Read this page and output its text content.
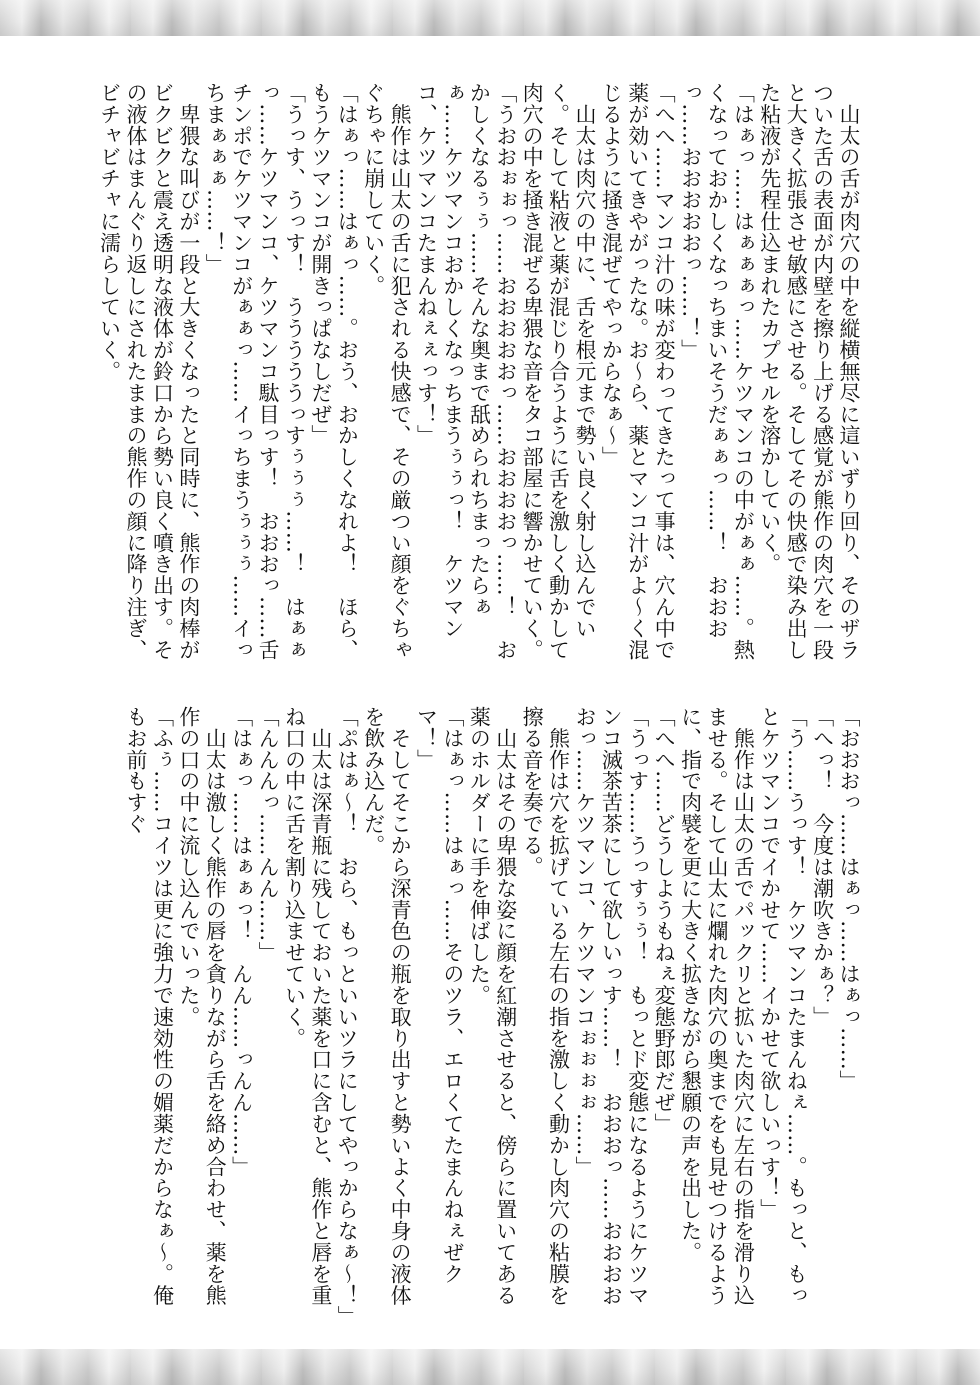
　山太の舌が肉穴の中を縦横無尽に這いずり回り、そのザラついた舌の表面が内壁を擦り上げる感覚が熊作の肉穴を一段と大きく拡張させ敏感にさせる。そしてその快感で染み出した粘液が先程仕込まれたカプセルを溶かしていく。

「はぁっ……はぁぁぁっ……ケツマンコの中がぁぁ……。熱くなっておかしくなっちまいそうだぁぁっ……！　おおおっ……おおおおおっ……！」

「へへ……マンコ汁の味が変わってきたって事は、穴ん中で薬が効いてきやがったな。お～ら、薬とマンコ汁がよ～く混じるように掻き混ぜてやっからなぁ～」

　山太は肉穴の中に、舌を根元まで勢い良く射し込んでいく。そして粘液と薬が混じり合うように舌を激しく動かして肉穴の中を掻き混ぜる卑猥な音をタコ部屋に響かせていく。

「うおおぉぉっ……おおおおおっ……おおおおっ……！　おかしくなるぅぅ……そんな奥まで舐められちまったらぁぁ……ケツマンコおかしくなっちまうぅぅっ！　ケツマンコ、ケツマンコたまんねぇぇっす！」

　熊作は山太の舌に犯される快感で、その厳つい顔をぐちゃぐちゃに崩していく。

「はぁっ……はぁっ……。おう、おかしくなれよ！　ほら、もうケツマンコが開きっぱなしだぜ」

「うっす、うっす！　うううううっすぅぅぅ……！　はぁぁっ……ケツマンコ、ケツマンコ駄目っす！　おおおっ……舌チンポでケツマンコがぁぁっ……イっちまうぅぅぅ……イっちまぁぁぁ……！」

　卑猥な叫びが一段と大きくなったと同時に、熊作の肉棒がビクビクと震え透明な液体が鈴口から勢い良く噴き出す。その液体はまんぐり返しにされたままの熊作の顔に降り注ぎ、ビチャビチャに濡らしていく。

「おおおっ……はぁっ……はぁっ……」

「へっ！　今度は潮吹きかぁ？」

「う……うっす！　ケツマンコたまんねぇ……。もっと、もっとケツマンコでイかせて……イかせて欲しいっす！」

　熊作は山太の舌でパックリと拡いた肉穴に左右の指を滑り込ませる。そして山太に爛れた肉穴の奥までをも見せつけるように、指で肉襞を更に大きく拡きながら懇願の声を出した。

「へへ……どうしようもねぇ変態野郎だぜ」

「うっす……うっすぅぅ！　もっとド変態になるようにケツマンコ滅茶苦茶にして欲しいっす……！　おおおっ……おおおおおっ……ケツマンコ、ケツマンコぉぉぉぉ……」

　熊作は穴を拡げている左右の指を激しく動かし肉穴の粘膜を擦る音を奏でる。

　山太はその卑猥な姿に顔を紅潮させると、傍らに置いてある薬のホルダーに手を伸ばした。

「はぁっ……はぁっ……そのツラ、エロくてたまんねぇぜクマ！」

　そしてそこから深青色の瓶を取り出すと勢いよく中身の液体を飲み込んだ。

「ぷはぁ～！　おら、もっといいツラにしてやっからなぁ～！」

　山太は深青瓶に残しておいた薬を口に含むと、熊作と唇を重ね口の中に舌を割り込ませていく。

「んんんっ……んん……」

「はぁっ……はぁぁっ！　んん……っんん……」

　山太は激しく熊作の唇を貪りながら舌を絡め合わせ、薬を熊作の口の中に流し込んでいった。

「ふぅ……コイツは更に強力で速効性の媚薬だからなぁ～。俺もお前もすぐ
